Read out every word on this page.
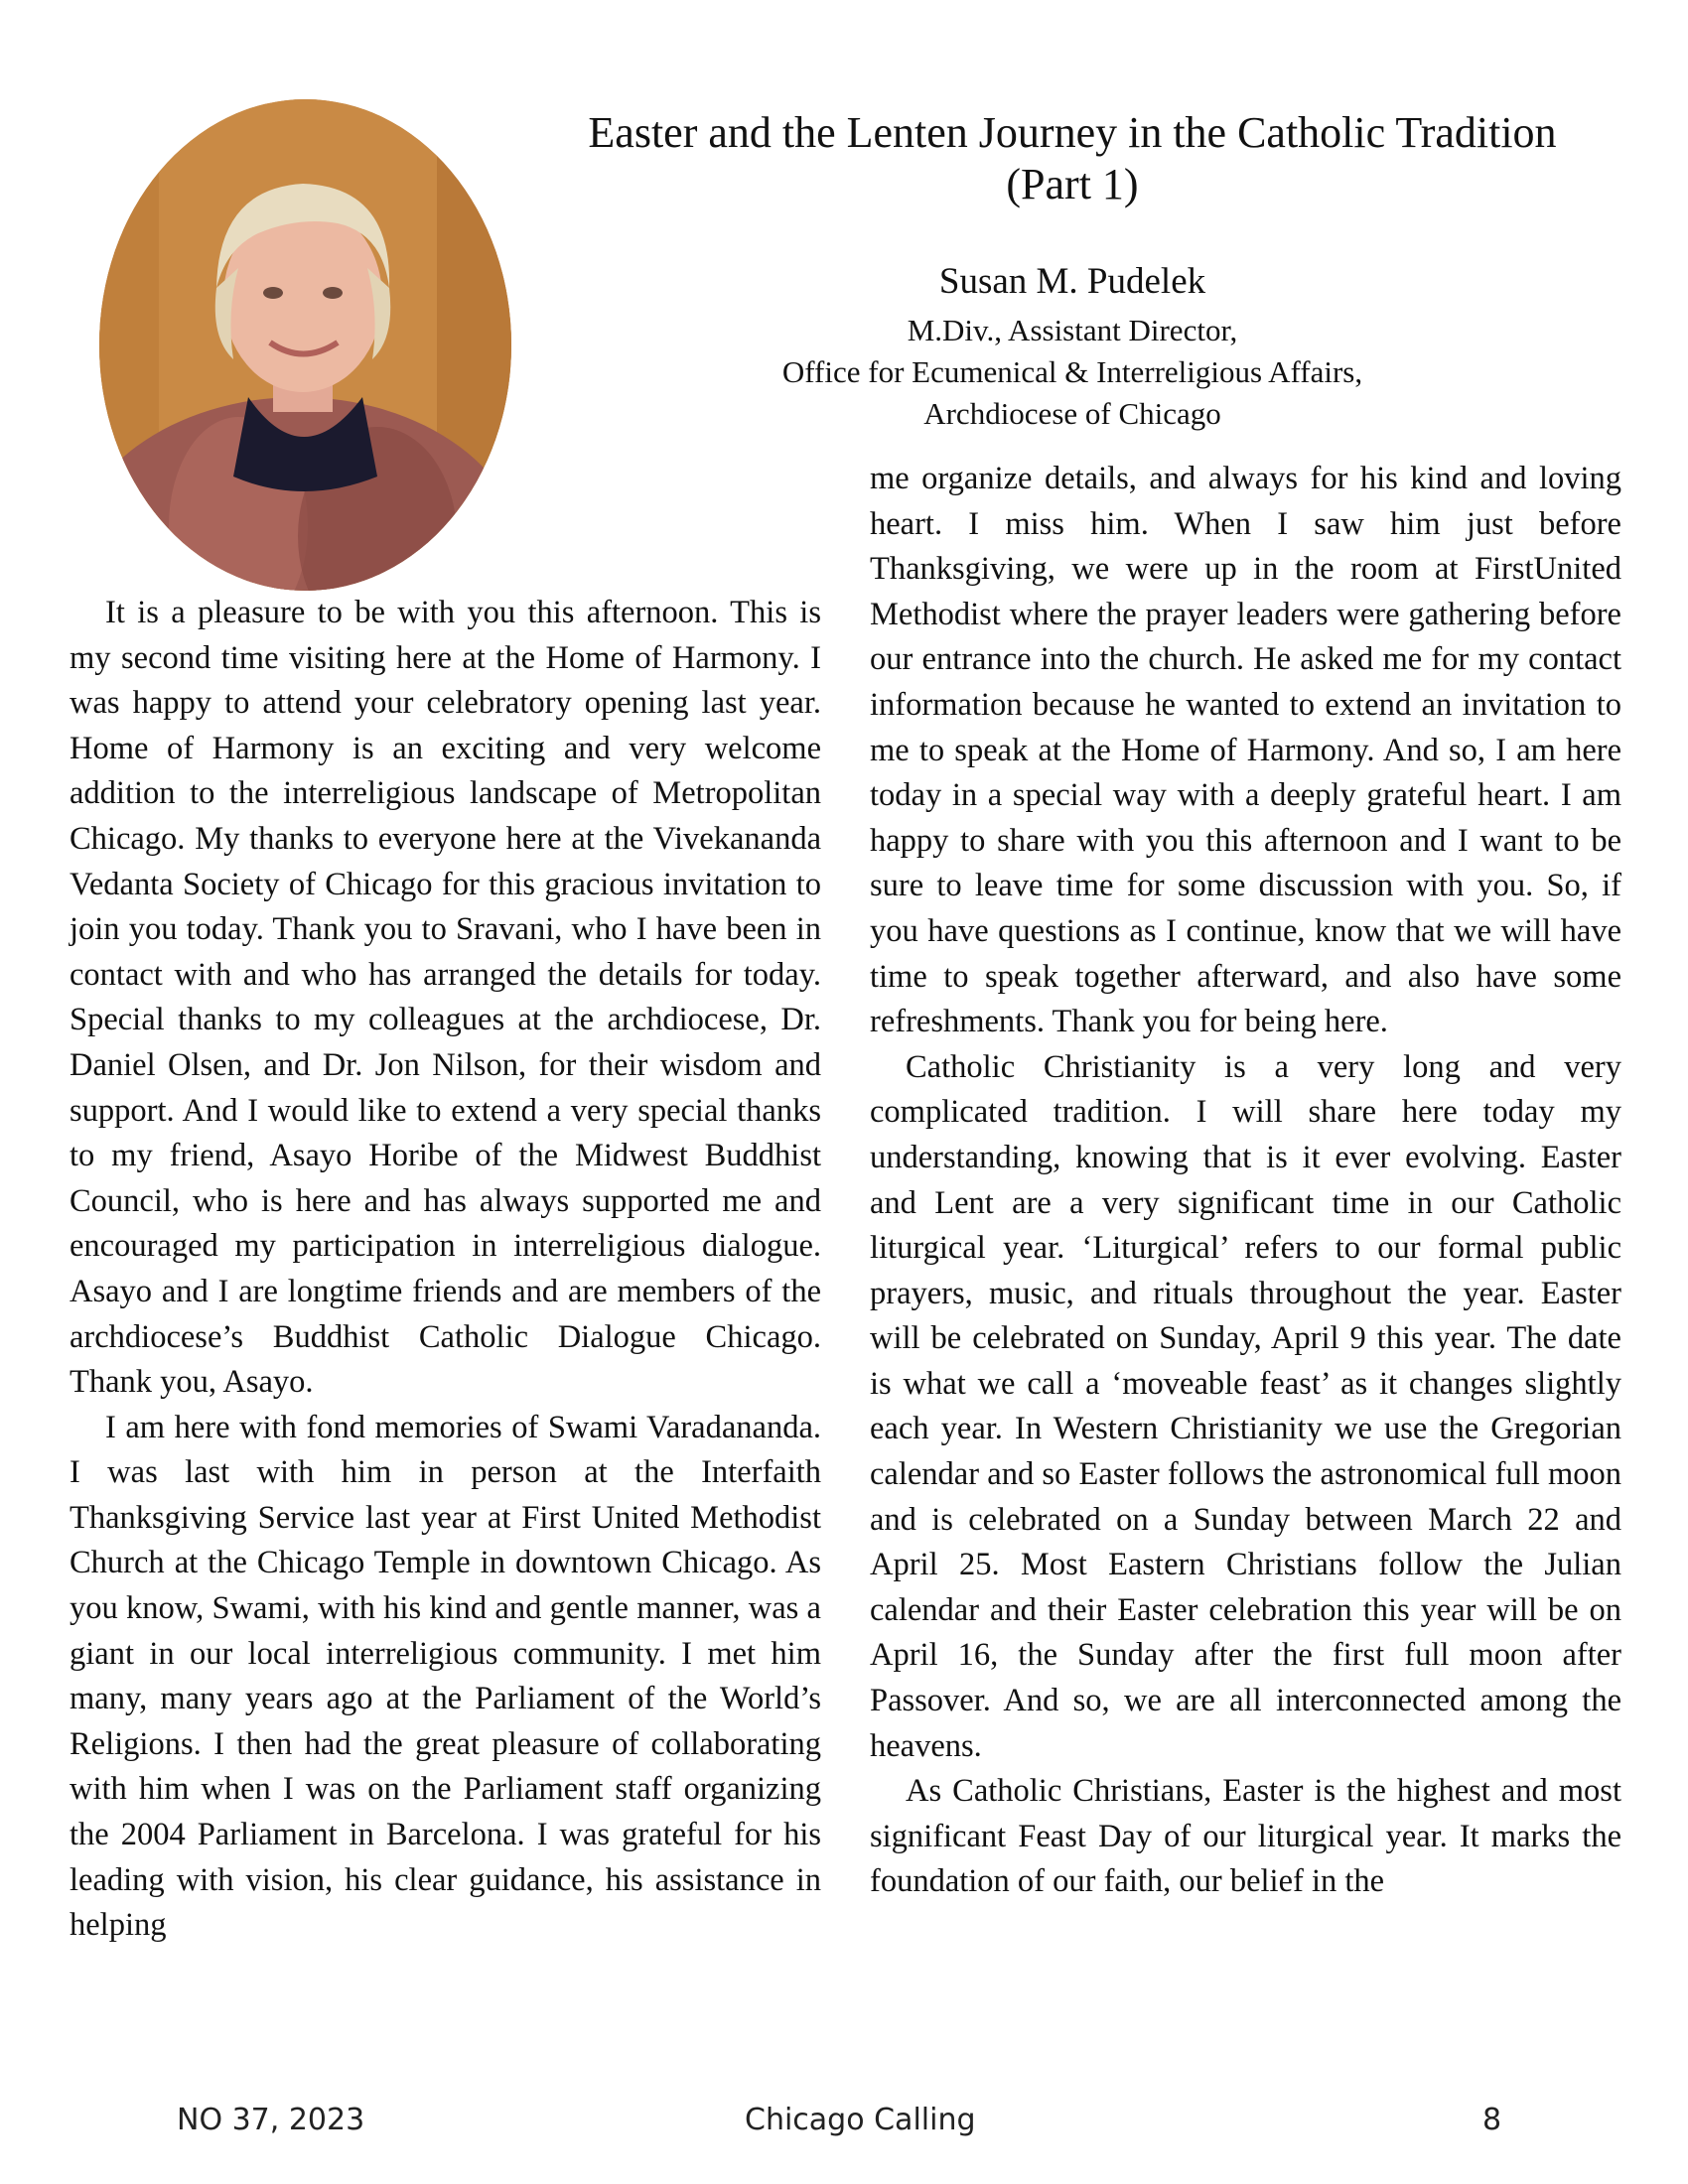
Easter and the Lenten Journey in the Catholic Tradition
(Part 1)
Susan M. Pudelek
M.Div., Assistant Director,
Office for Ecumenical & Interreligious Affairs,
Archdiocese of Chicago

It is a pleasure to be with you this afternoon. This is my second time visiting here at the Home of Harmony. I was happy to attend your celebratory opening last year. Home of Harmony is an exciting and very welcome addition to the interreligious landscape of Metropolitan Chicago. My thanks to everyone here at the Vivekananda Vedanta Society of Chicago for this gracious invitation to join you today. Thank you to Sravani, who I have been in contact with and who has arranged the details for today. Special thanks to my colleagues at the archdiocese, Dr. Daniel Olsen, and Dr. Jon Nilson, for their wisdom and support. And I would like to extend a very special thanks to my friend, Asayo Horibe of the Midwest Buddhist Council, who is here and has always supported me and encouraged my participation in interreligious dialogue. Asayo and I are longtime friends and are members of the archdiocese’s Buddhist Catholic Dialogue Chicago. Thank you, Asayo.

I am here with fond memories of Swami Varadananda. I was last with him in person at the Interfaith Thanksgiving Service last year at First United Methodist Church at the Chicago Temple in downtown Chicago. As you know, Swami, with his kind and gentle manner, was a giant in our local interreligious community. I met him many, many years ago at the Parliament of the World’s Religions. I then had the great pleasure of collaborating with him when I was on the Parliament staff organizing the 2004 Parliament in Barcelona. I was grateful for his leading with vision, his clear guidance, his assistance in helping

me organize details, and always for his kind and loving heart. I miss him. When I saw him just before Thanksgiving, we were up in the room at FirstUnited Methodist where the prayer leaders were gathering before our entrance into the church. He asked me for my contact information because he wanted to extend an invitation to me to speak at the Home of Harmony. And so, I am here today in a special way with a deeply grateful heart. I am happy to share with you this afternoon and I want to be sure to leave time for some discussion with you. So, if you have questions as I continue, know that we will have time to speak together afterward, and also have some refreshments. Thank you for being here.

Catholic Christianity is a very long and very complicated tradition. I will share here today my understanding, knowing that is it ever evolving. Easter and Lent are a very significant time in our Catholic liturgical year. ‘Liturgical’ refers to our formal public prayers, music, and rituals throughout the year. Easter will be celebrated on Sunday, April 9 this year. The date is what we call a ‘moveable feast’ as it changes slightly each year. In Western Christianity we use the Gregorian calendar and so Easter follows the astronomical full moon and is celebrated on a Sunday between March 22 and April 25. Most Eastern Christians follow the Julian calendar and their Easter celebration this year will be on April 16, the Sunday after the first full moon after Passover. And so, we are all interconnected among the heavens.

As Catholic Christians, Easter is the highest and most significant Feast Day of our liturgical year. It marks the foundation of our faith, our belief in the

NO 37, 2023	Chicago Calling	8
